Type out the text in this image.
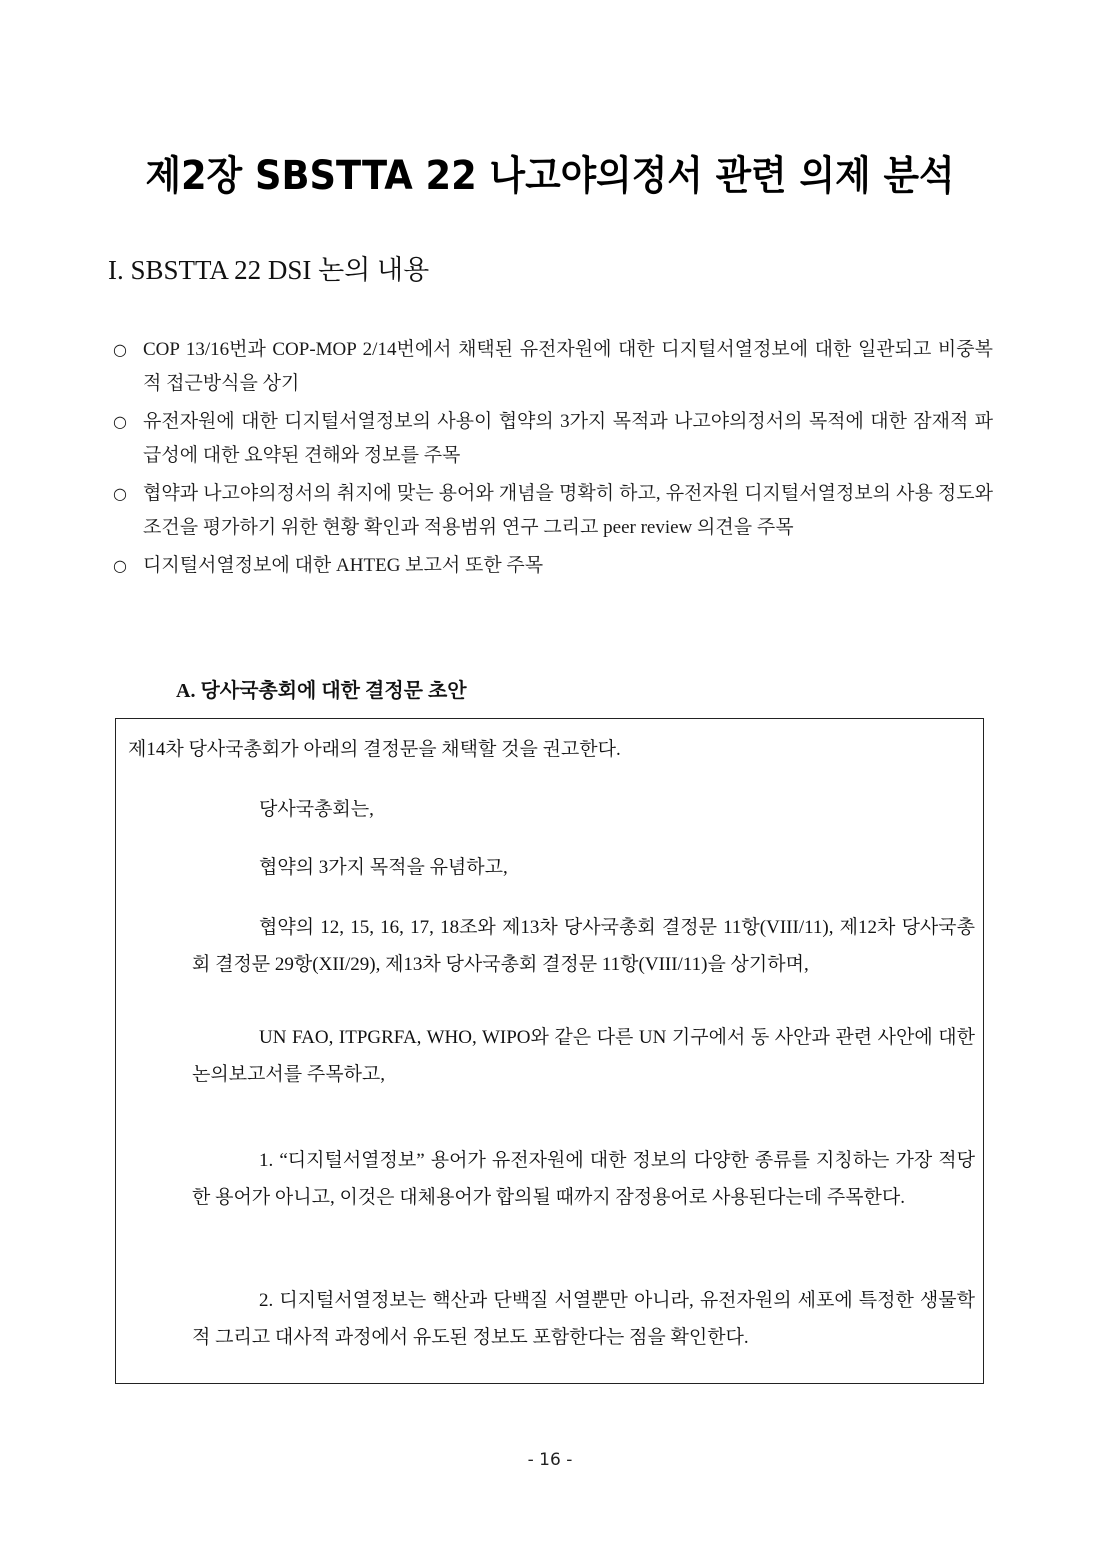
제2장 SBSTTA 22 나고야의정서 관련 의제 분석
I. SBSTTA 22 DSI 논의 내용
○ COP 13/16번과 COP-MOP 2/14번에서 채택된 유전자원에 대한 디지털서열정보에 대한 일관되고 비중복적 접근방식을 상기
○ 유전자원에 대한 디지털서열정보의 사용이 협약의 3가지 목적과 나고야의정서의 목적에 대한 잠재적 파급성에 대한 요약된 견해와 정보를 주목
○ 협약과 나고야의정서의 취지에 맞는 용어와 개념을 명확히 하고, 유전자원 디지털서열정보의 사용 정도와 조건을 평가하기 위한 현황 확인과 적용범위 연구 그리고 peer review 의견을 주목
○ 디지털서열정보에 대한 AHTEG 보고서 또한 주목
A. 당사국총회에 대한 결정문 초안
제14차 당사국총회가 아래의 결정문을 채택할 것을 권고한다.
당사국총회는,
협약의 3가지 목적을 유념하고,
협약의 12, 15, 16, 17, 18조와 제13차 당사국총회 결정문 11항(VIII/11), 제12차 당사국총회 결정문 29항(XII/29), 제13차 당사국총회 결정문 11항(VIII/11)을 상기하며,
UN FAO, ITPGRFA, WHO, WIPO와 같은 다른 UN 기구에서 동 사안과 관련 사안에 대한 논의보고서를 주목하고,
1. “디지털서열정보” 용어가 유전자원에 대한 정보의 다양한 종류를 지칭하는 가장 적당한 용어가 아니고, 이것은 대체용어가 합의될 때까지 잠정용어로 사용된다는데 주목한다.
2. 디지털서열정보는 핵산과 단백질 서열뿐만 아니라, 유전자원의 세포에 특정한 생물학적 그리고 대사적 과정에서 유도된 정보도 포함한다는 점을 확인한다.
- 16 -
